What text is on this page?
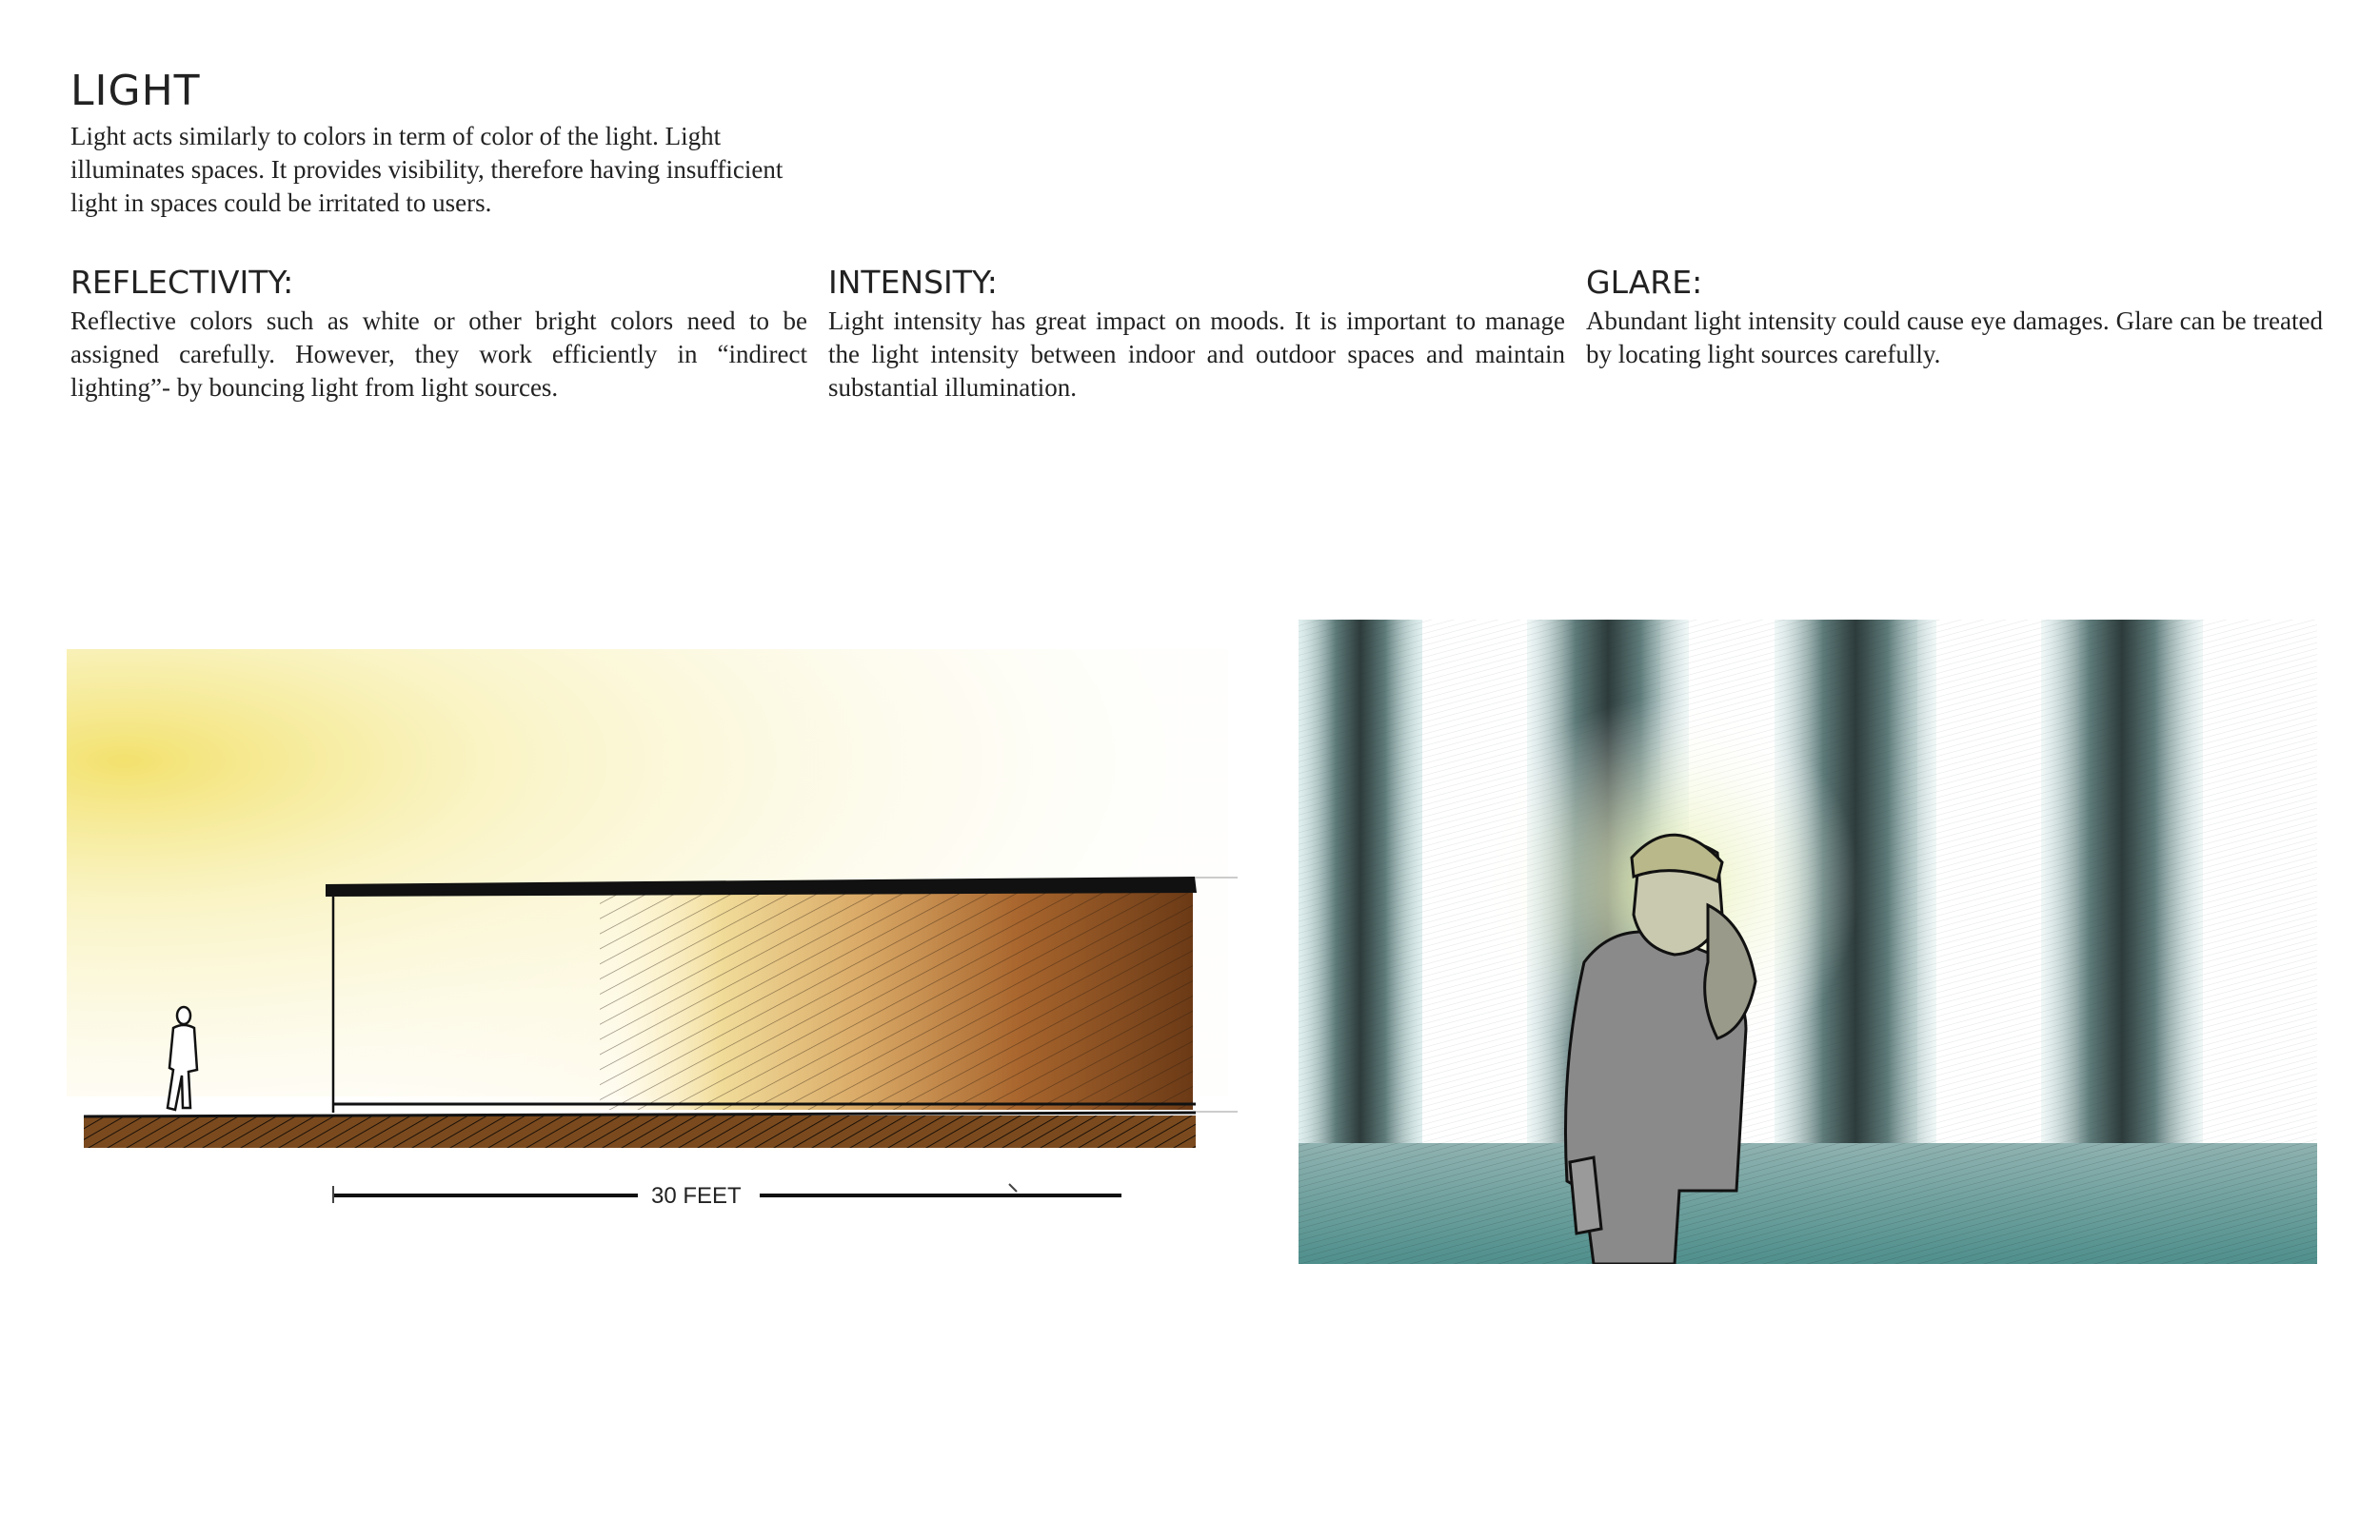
LIGHT

Light acts similarly to colors in term of color of the light. Light illuminates spaces. It provides visibility, therefore having insufficient light in spaces could be irritated to users.

REFLECTIVITY:

Reflective colors such as white or other bright colors need to be assigned carefully. However, they work efficiently in “indirect lighting”- by bouncing light from light sources.

INTENSITY:

Light intensity has great impact on moods. It is important to manage the light intensity between indoor and outdoor spaces and maintain substantial illumination.

GLARE:

Abundant light intensity could cause eye damages. Glare can be treated by locating light sources carefully.

30 FEET
